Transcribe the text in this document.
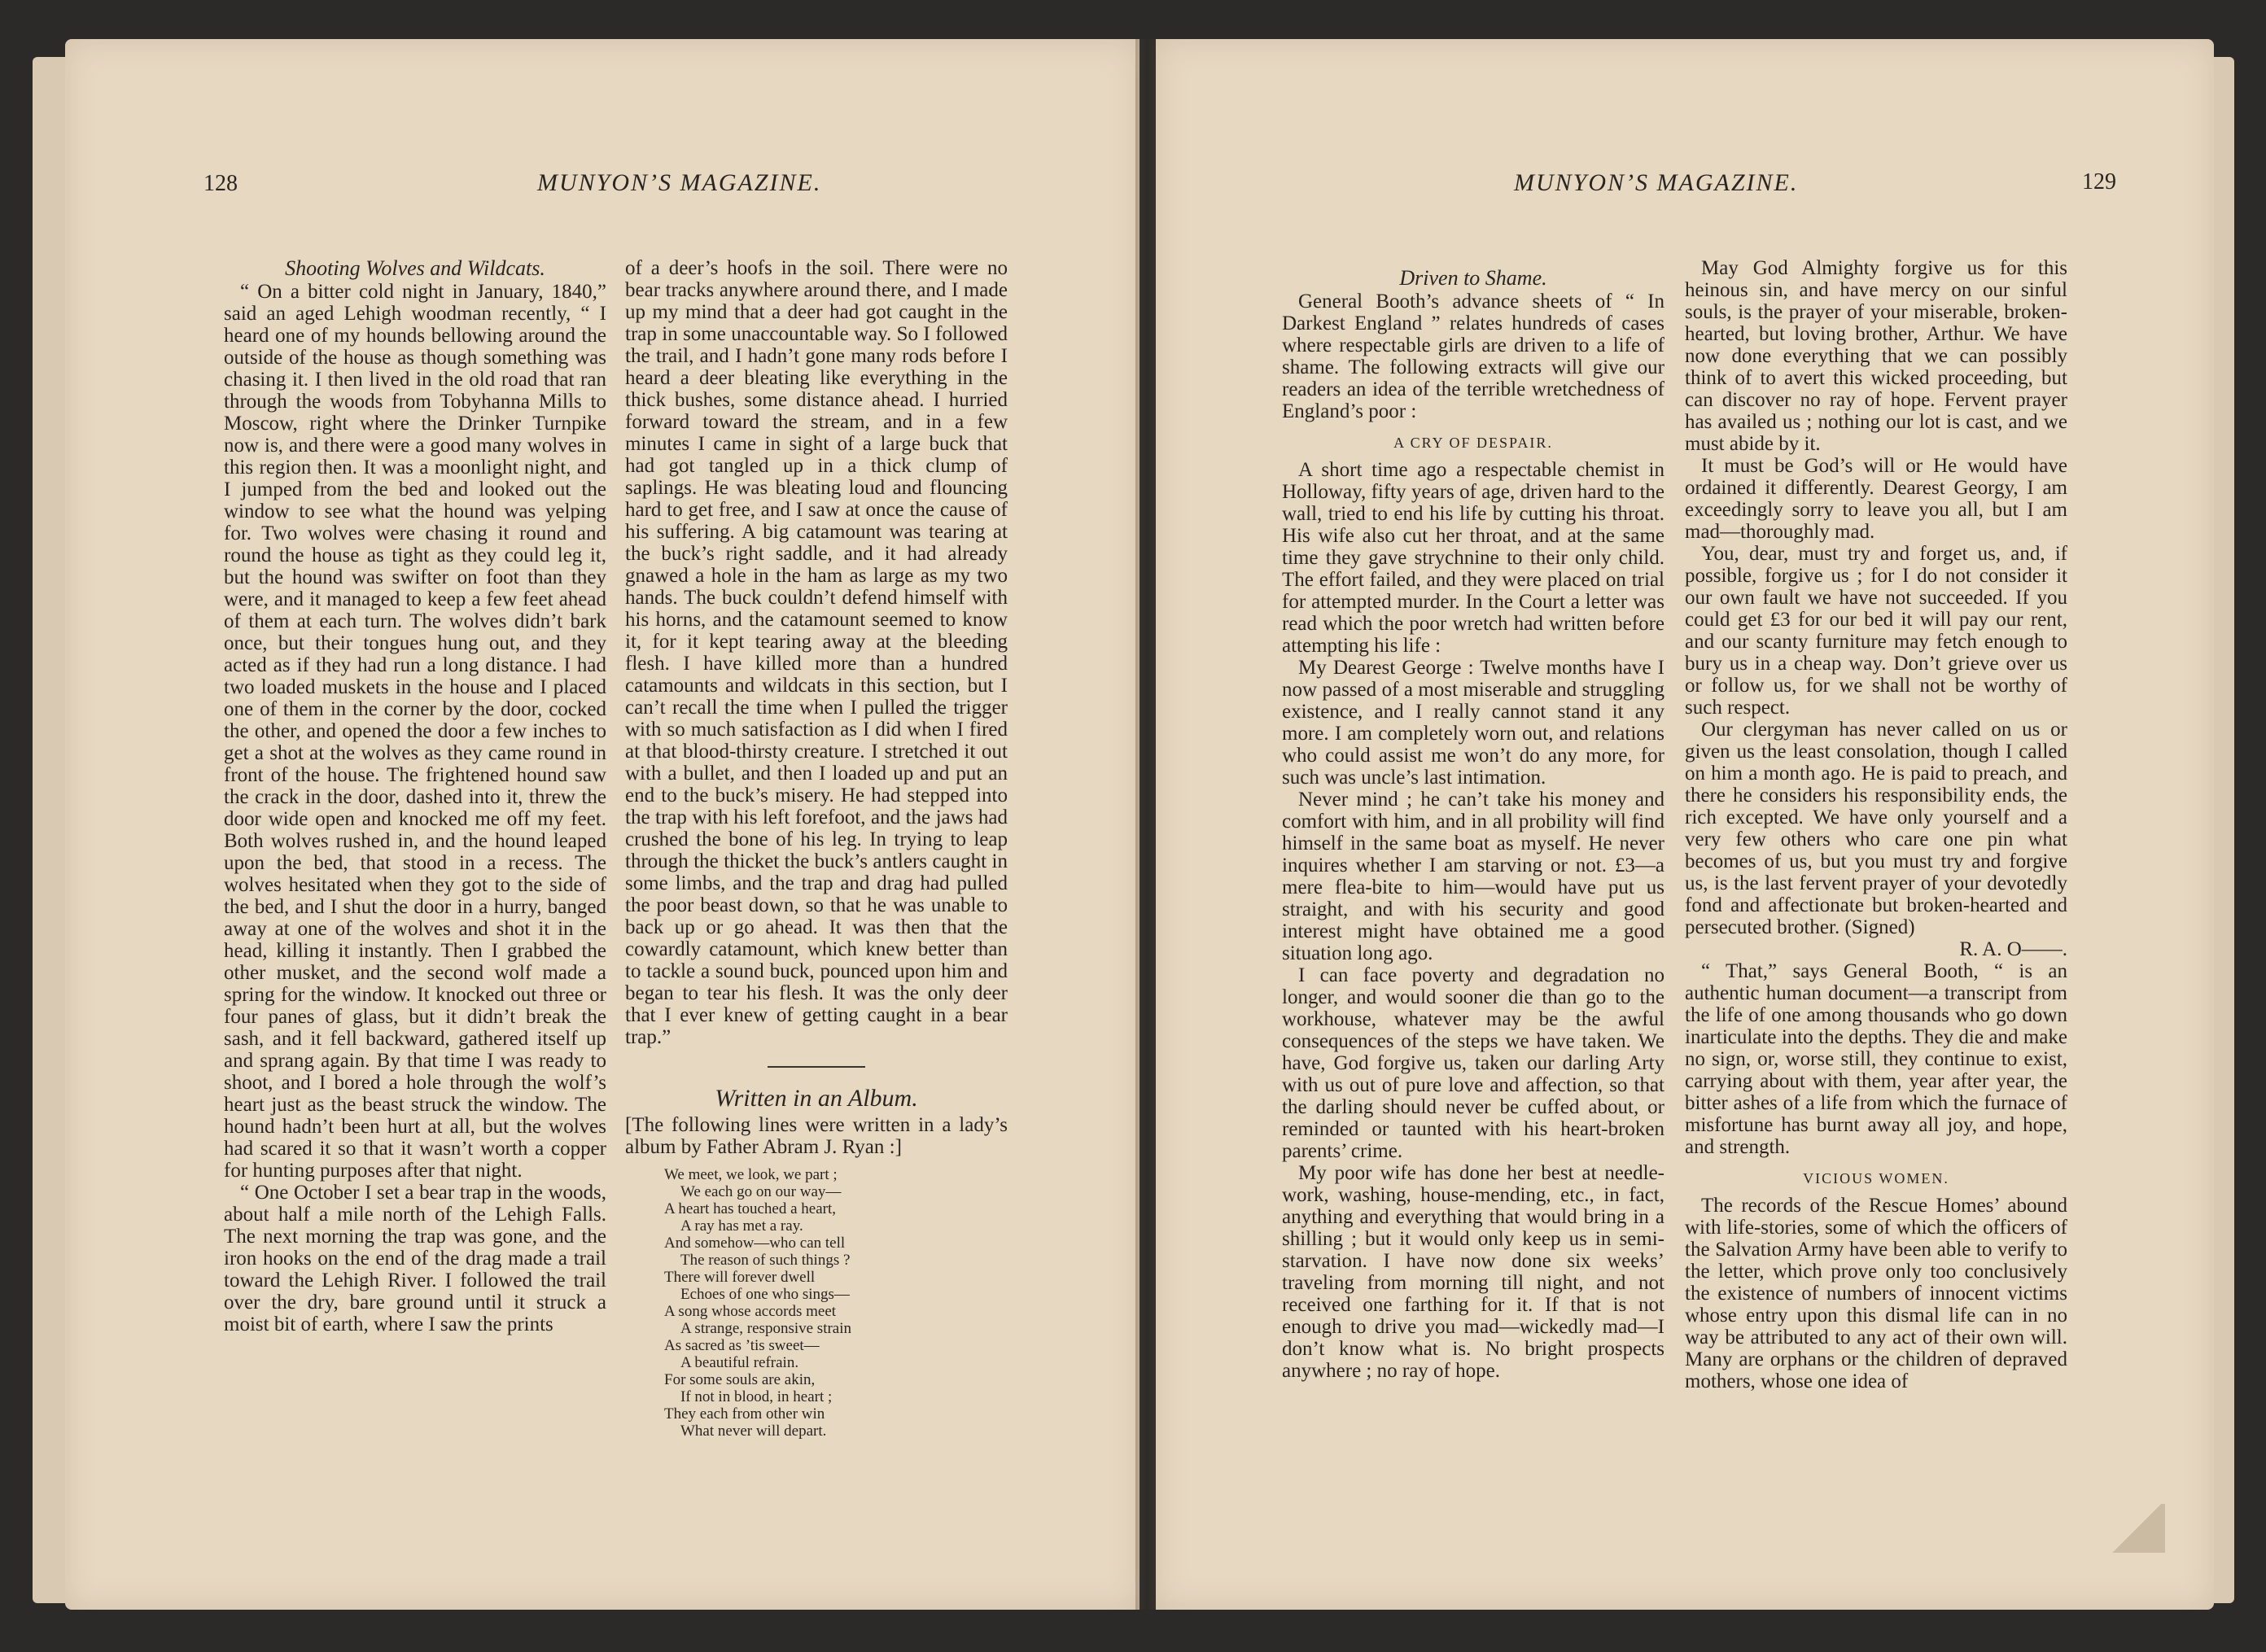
128	MUNYON’S MAGAZINE.
Shooting Wolves and Wildcats.

“ On a bitter cold night in January, 1840,” said an aged Lehigh woodman recently, “ I heard one of my hounds bellowing around the outside of the house as though something was chasing it. I then lived in the old road that ran through the woods from Tobyhanna Mills to Moscow, right where the Drinker Turnpike now is, and there were a good many wolves in this region then. It was a moonlight night, and I jumped from the bed and looked out the window to see what the hound was yelping for. Two wolves were chasing it round and round the house as tight as they could leg it, but the hound was swifter on foot than they were, and it managed to keep a few feet ahead of them at each turn. The wolves didn’t bark once, but their tongues hung out, and they acted as if they had run a long distance. I had two loaded muskets in the house and I placed one of them in the corner by the door, cocked the other, and opened the door a few inches to get a shot at the wolves as they came round in front of the house. The frightened hound saw the crack in the door, dashed into it, threw the door wide open and knocked me off my feet. Both wolves rushed in, and the hound leaped upon the bed, that stood in a recess. The wolves hesitated when they got to the side of the bed, and I shut the door in a hurry, banged away at one of the wolves and shot it in the head, killing it instantly. Then I grabbed the other musket, and the second wolf made a spring for the window. It knocked out three or four panes of glass, but it didn’t break the sash, and it fell backward, gathered itself up and sprang again. By that time I was ready to shoot, and I bored a hole through the wolf’s heart just as the beast struck the window. The hound hadn’t been hurt at all, but the wolves had scared it so that it wasn’t worth a copper for hunting purposes after that night.

“ One October I set a bear trap in the woods, about half a mile north of the Lehigh Falls. The next morning the trap was gone, and the iron hooks on the end of the drag made a trail toward the Lehigh River. I followed the trail over the dry, bare ground until it struck a moist bit of earth, where I saw the prints

of a deer’s hoofs in the soil. There were no bear tracks anywhere around there, and I made up my mind that a deer had got caught in the trap in some unaccountable way. So I followed the trail, and I hadn’t gone many rods before I heard a deer bleating like everything in the thick bushes, some distance ahead. I hurried forward toward the stream, and in a few minutes I came in sight of a large buck that had got tangled up in a thick clump of saplings. He was bleating loud and flouncing hard to get free, and I saw at once the cause of his suffering. A big catamount was tearing at the buck’s right saddle, and it had already gnawed a hole in the ham as large as my two hands. The buck couldn’t defend himself with his horns, and the catamount seemed to know it, for it kept tearing away at the bleeding flesh. I have killed more than a hundred catamounts and wildcats in this section, but I can’t recall the time when I pulled the trigger with so much satisfaction as I did when I fired at that blood-thirsty creature. I stretched it out with a bullet, and then I loaded up and put an end to the buck’s misery. He had stepped into the trap with his left forefoot, and the jaws had crushed the bone of his leg. In trying to leap through the thicket the buck’s antlers caught in some limbs, and the trap and drag had pulled the poor beast down, so that he was unable to back up or go ahead. It was then that the cowardly catamount, which knew better than to tackle a sound buck, pounced upon him and began to tear his flesh. It was the only deer that I ever knew of getting caught in a bear trap.”

Written in an Album.

[The following lines were written in a lady’s album by Father Abram J. Ryan :]

We meet, we look, we part ;
We each go on our way—
A heart has touched a heart,
A ray has met a ray.
And somehow—who can tell
The reason of such things ?
There will forever dwell
Echoes of one who sings—
A song whose accords meet
A strange, responsive strain
As sacred as ’tis sweet—
A beautiful refrain.
For some souls are akin,
If not in blood, in heart ;
They each from other win
What never will depart.
MUNYON’S MAGAZINE.	129
Driven to Shame.

General Booth’s advance sheets of “ In Darkest England ” relates hundreds of cases where respectable girls are driven to a life of shame. The following extracts will give our readers an idea of the terrible wretchedness of England’s poor :

A CRY OF DESPAIR.

A short time ago a respectable chemist in Holloway, fifty years of age, driven hard to the wall, tried to end his life by cutting his throat. His wife also cut her throat, and at the same time they gave strychnine to their only child. The effort failed, and they were placed on trial for attempted murder. In the Court a letter was read which the poor wretch had written before attempting his life :

My Dearest George : Twelve months have I now passed of a most miserable and struggling existence, and I really cannot stand it any more. I am completely worn out, and relations who could assist me won’t do any more, for such was uncle’s last intimation.

Never mind ; he can’t take his money and comfort with him, and in all probility will find himself in the same boat as myself. He never inquires whether I am starving or not. £3—a mere flea-bite to him—would have put us straight, and with his security and good interest might have obtained me a good situation long ago.

I can face poverty and degradation no longer, and would sooner die than go to the workhouse, whatever may be the awful consequences of the steps we have taken. We have, God forgive us, taken our darling Arty with us out of pure love and affection, so that the darling should never be cuffed about, or reminded or taunted with his heart-broken parents’ crime.

My poor wife has done her best at needle-work, washing, house-mending, etc., in fact, anything and everything that would bring in a shilling ; but it would only keep us in semi-starvation. I have now done six weeks’ traveling from morning till night, and not received one farthing for it. If that is not enough to drive you mad—wickedly mad—I don’t know what is. No bright prospects anywhere ; no ray of hope.

May God Almighty forgive us for this heinous sin, and have mercy on our sinful souls, is the prayer of your miserable, broken-hearted, but loving brother, Arthur. We have now done everything that we can possibly think of to avert this wicked proceeding, but can discover no ray of hope. Fervent prayer has availed us ; nothing our lot is cast, and we must abide by it.

It must be God’s will or He would have ordained it differently. Dearest Georgy, I am exceedingly sorry to leave you all, but I am mad—thoroughly mad.

You, dear, must try and forget us, and, if possible, forgive us ; for I do not consider it our own fault we have not succeeded. If you could get £3 for our bed it will pay our rent, and our scanty furniture may fetch enough to bury us in a cheap way. Don’t grieve over us or follow us, for we shall not be worthy of such respect.

Our clergyman has never called on us or given us the least consolation, though I called on him a month ago. He is paid to preach, and there he considers his responsibility ends, the rich excepted. We have only yourself and a very few others who care one pin what becomes of us, but you must try and forgive us, is the last fervent prayer of your devotedly fond and affectionate but broken-hearted and persecuted brother. (Signed)

R. A. O——.

“ That,” says General Booth, “ is an authentic human document—a transcript from the life of one among thousands who go down inarticulate into the depths. They die and make no sign, or, worse still, they continue to exist, carrying about with them, year after year, the bitter ashes of a life from which the furnace of misfortune has burnt away all joy, and hope, and strength.

VICIOUS WOMEN.

The records of the Rescue Homes’ abound with life-stories, some of which the officers of the Salvation Army have been able to verify to the letter, which prove only too conclusively the existence of numbers of innocent victims whose entry upon this dismal life can in no way be attributed to any act of their own will. Many are orphans or the children of depraved mothers, whose one idea of
